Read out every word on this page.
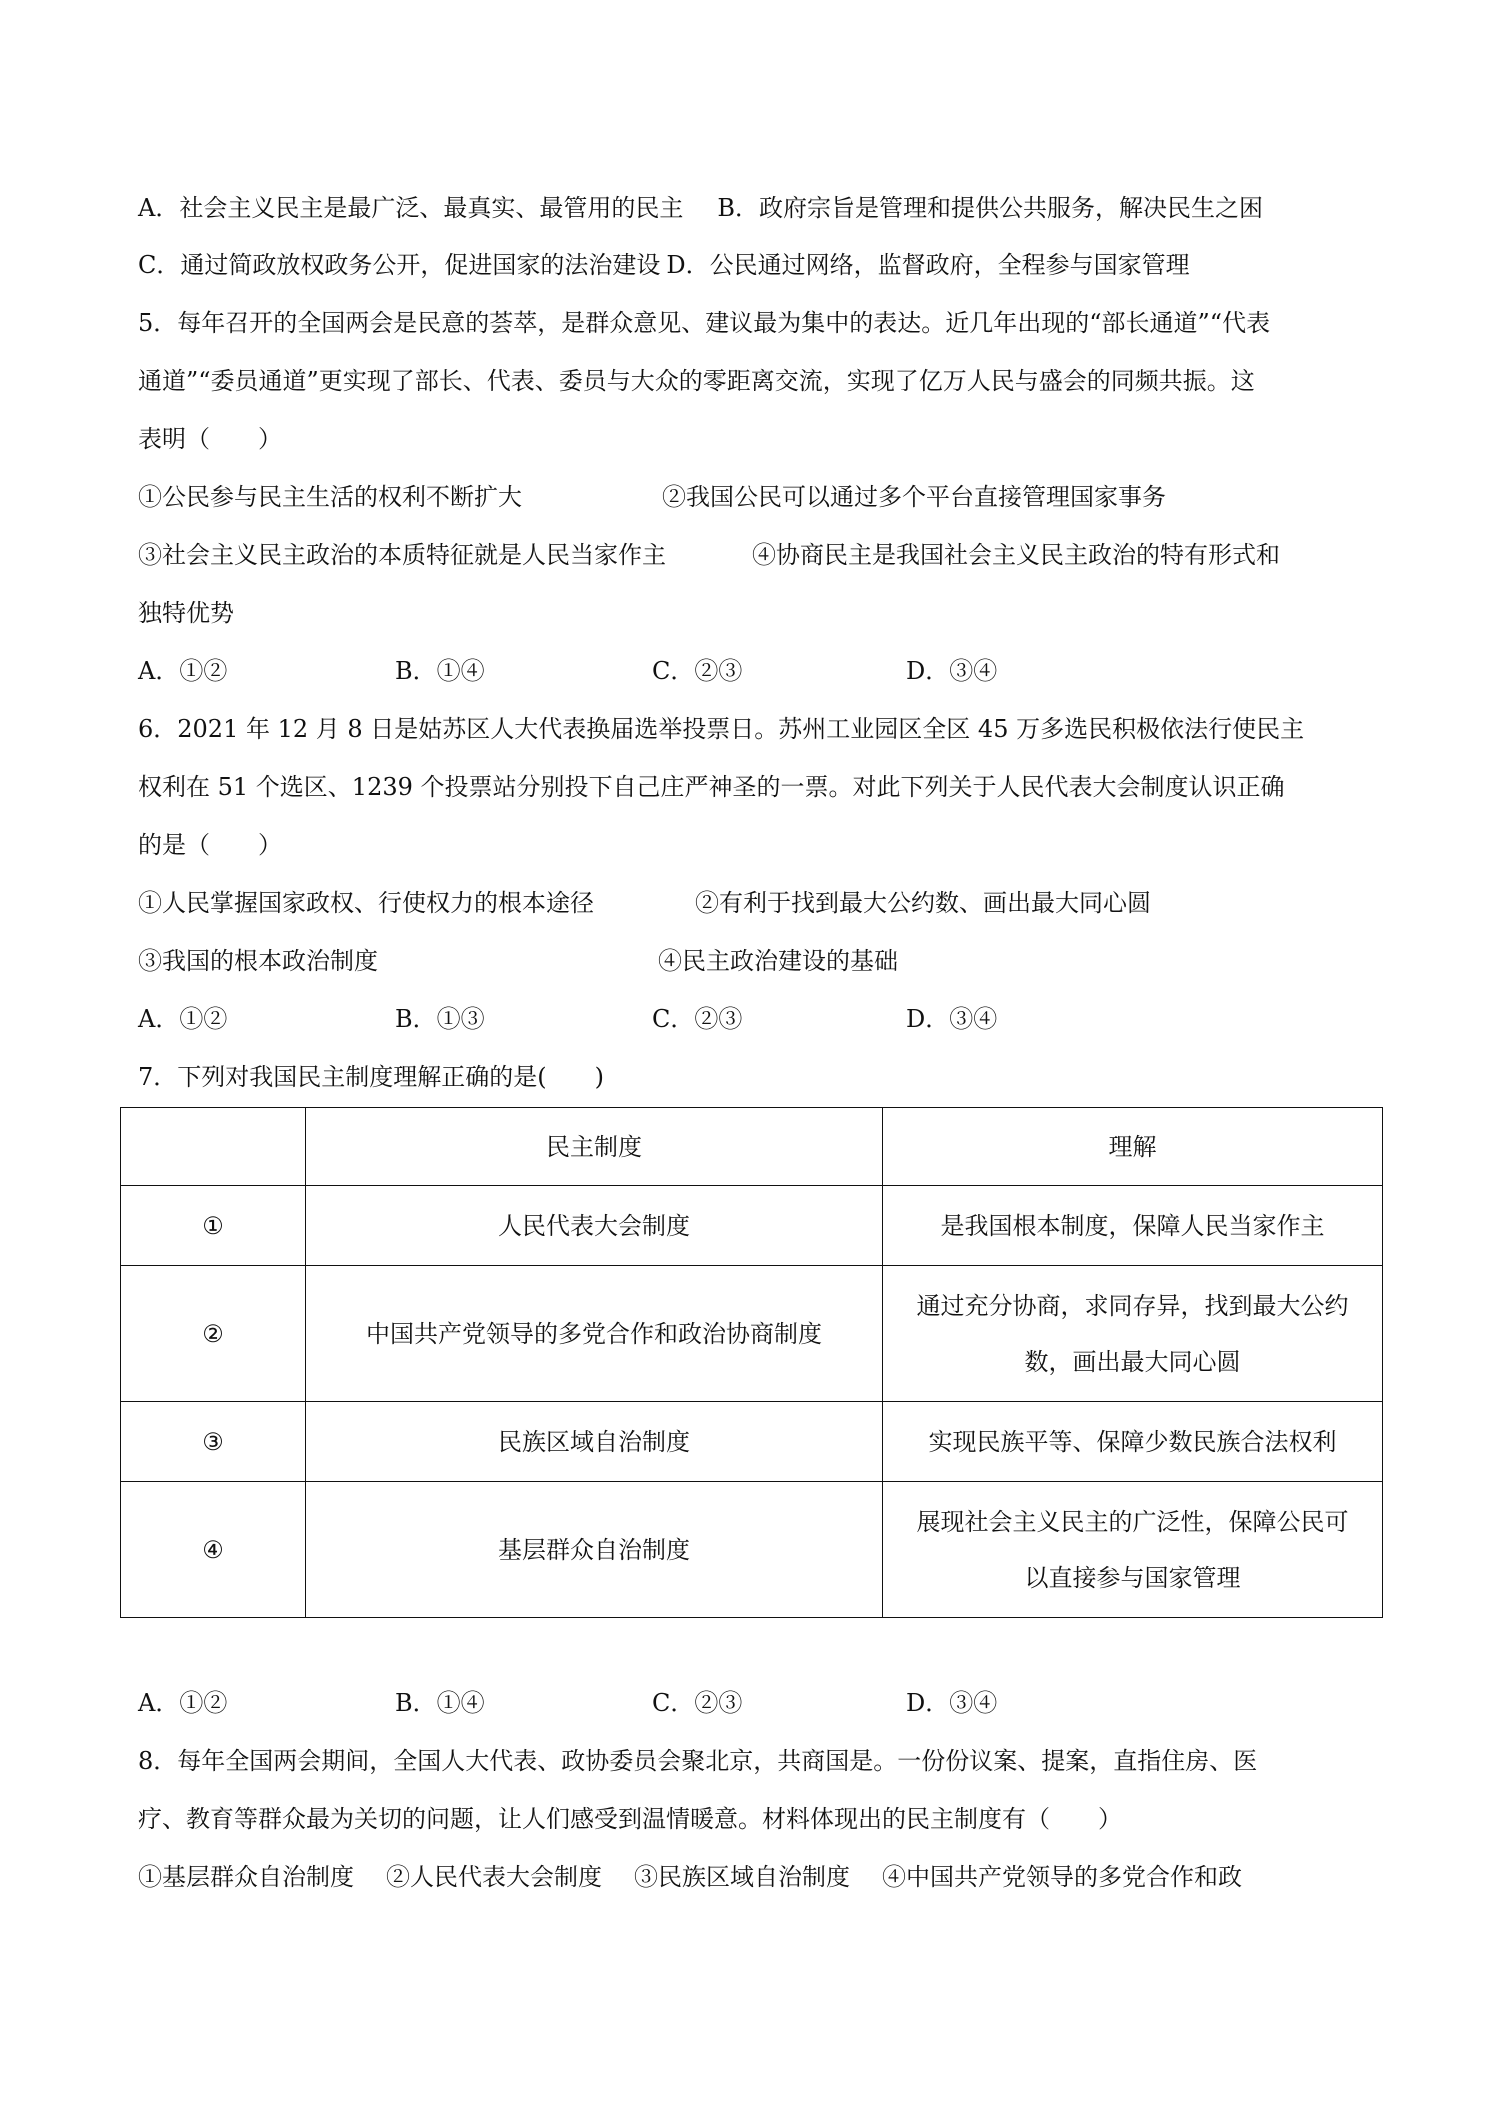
A．社会主义民主是最广泛、最真实、最管用的民主 B．政府宗旨是管理和提供公共服务，解决民生之困
C．通过简政放权政务公开，促进国家的法治建设 D．公民通过网络，监督政府，全程参与国家管理
5．每年召开的全国两会是民意的荟萃，是群众意见、建议最为集中的表达。近几年出现的“部长通道”“代表
通道”“委员通道”更实现了部长、代表、委员与大众的零距离交流，实现了亿万人民与盛会的同频共振。这
表明（　　）
①公民参与民主生活的权利不断扩大	②我国公民可以通过多个平台直接管理国家事务
③社会主义民主政治的本质特征就是人民当家作主	④协商民主是我国社会主义民主政治的特有形式和
独特优势
A．①②	B．①④	C．②③	D．③④
6．2021 年 12 月 8 日是姑苏区人大代表换届选举投票日。苏州工业园区全区 45 万多选民积极依法行使民主
权利在 51 个选区、1239 个投票站分别投下自己庄严神圣的一票。对此下列关于人民代表大会制度认识正确
的是（　　）
①人民掌握国家政权、行使权力的根本途径	②有利于找到最大公约数、画出最大同心圆
③我国的根本政治制度	④民主政治建设的基础
A．①②	B．①③	C．②③	D．③④
7．下列对我国民主制度理解正确的是(　　)
	民主制度	理解
①	人民代表大会制度	是我国根本制度，保障人民当家作主
②	中国共产党领导的多党合作和政治协商制度	通过充分协商，求同存异，找到最大公约
数，画出最大同心圆

③	民族区域自治制度	实现民族平等、保障少数民族合法权利
④	基层群众自治制度	展现社会主义民主的广泛性，保障公民可
以直接参与国家管理
A．①②	B．①④	C．②③	D．③④
8．每年全国两会期间，全国人大代表、政协委员会聚北京，共商国是。一份份议案、提案，直指住房、医
疗、教育等群众最为关切的问题，让人们感受到温情暖意。材料体现出的民主制度有（　　）
①基层群众自治制度 ②人民代表大会制度 ③民族区域自治制度 ④中国共产党领导的多党合作和政
